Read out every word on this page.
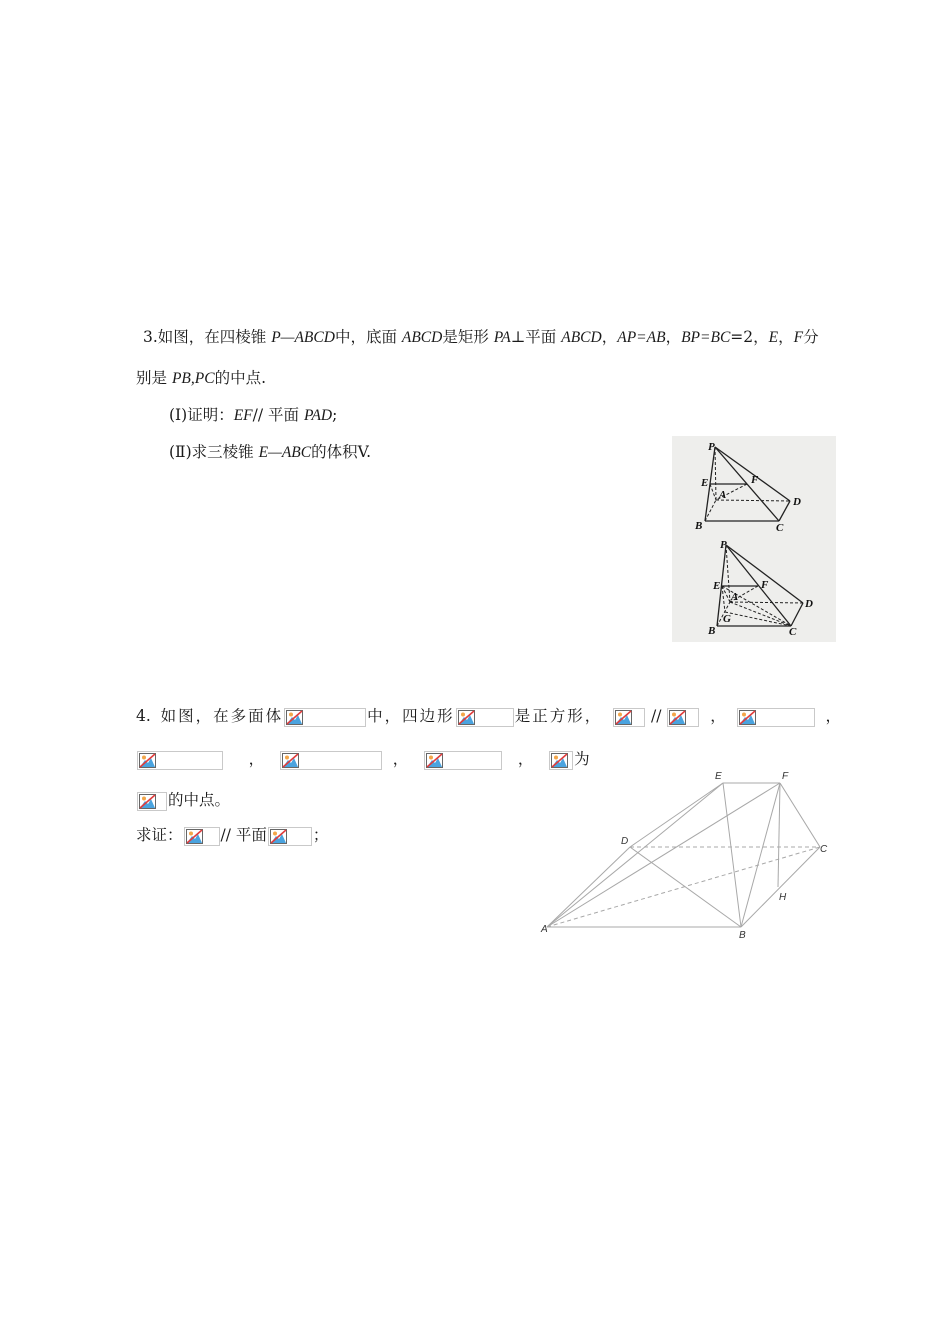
3.如图，在四棱锥 P—ABCD中，底面 ABCD是矩形 PA⊥平面 ABCD，AP=AB，BP=BC=2，E，F分
别是 PB,PC的中点.
(Ⅰ)证明：EF// 平面 PAD;
(Ⅱ)求三棱锥 E—ABC的体积V.	P
E
A
F
D
B	C
P
E
A
F
D
B	C
G
4. 如图，在多面体	中，四边形	是正方形，	//	，	，
，	，	，	为
的中点。
求证： // 平面	；
E	F
D
C
H
A
B
